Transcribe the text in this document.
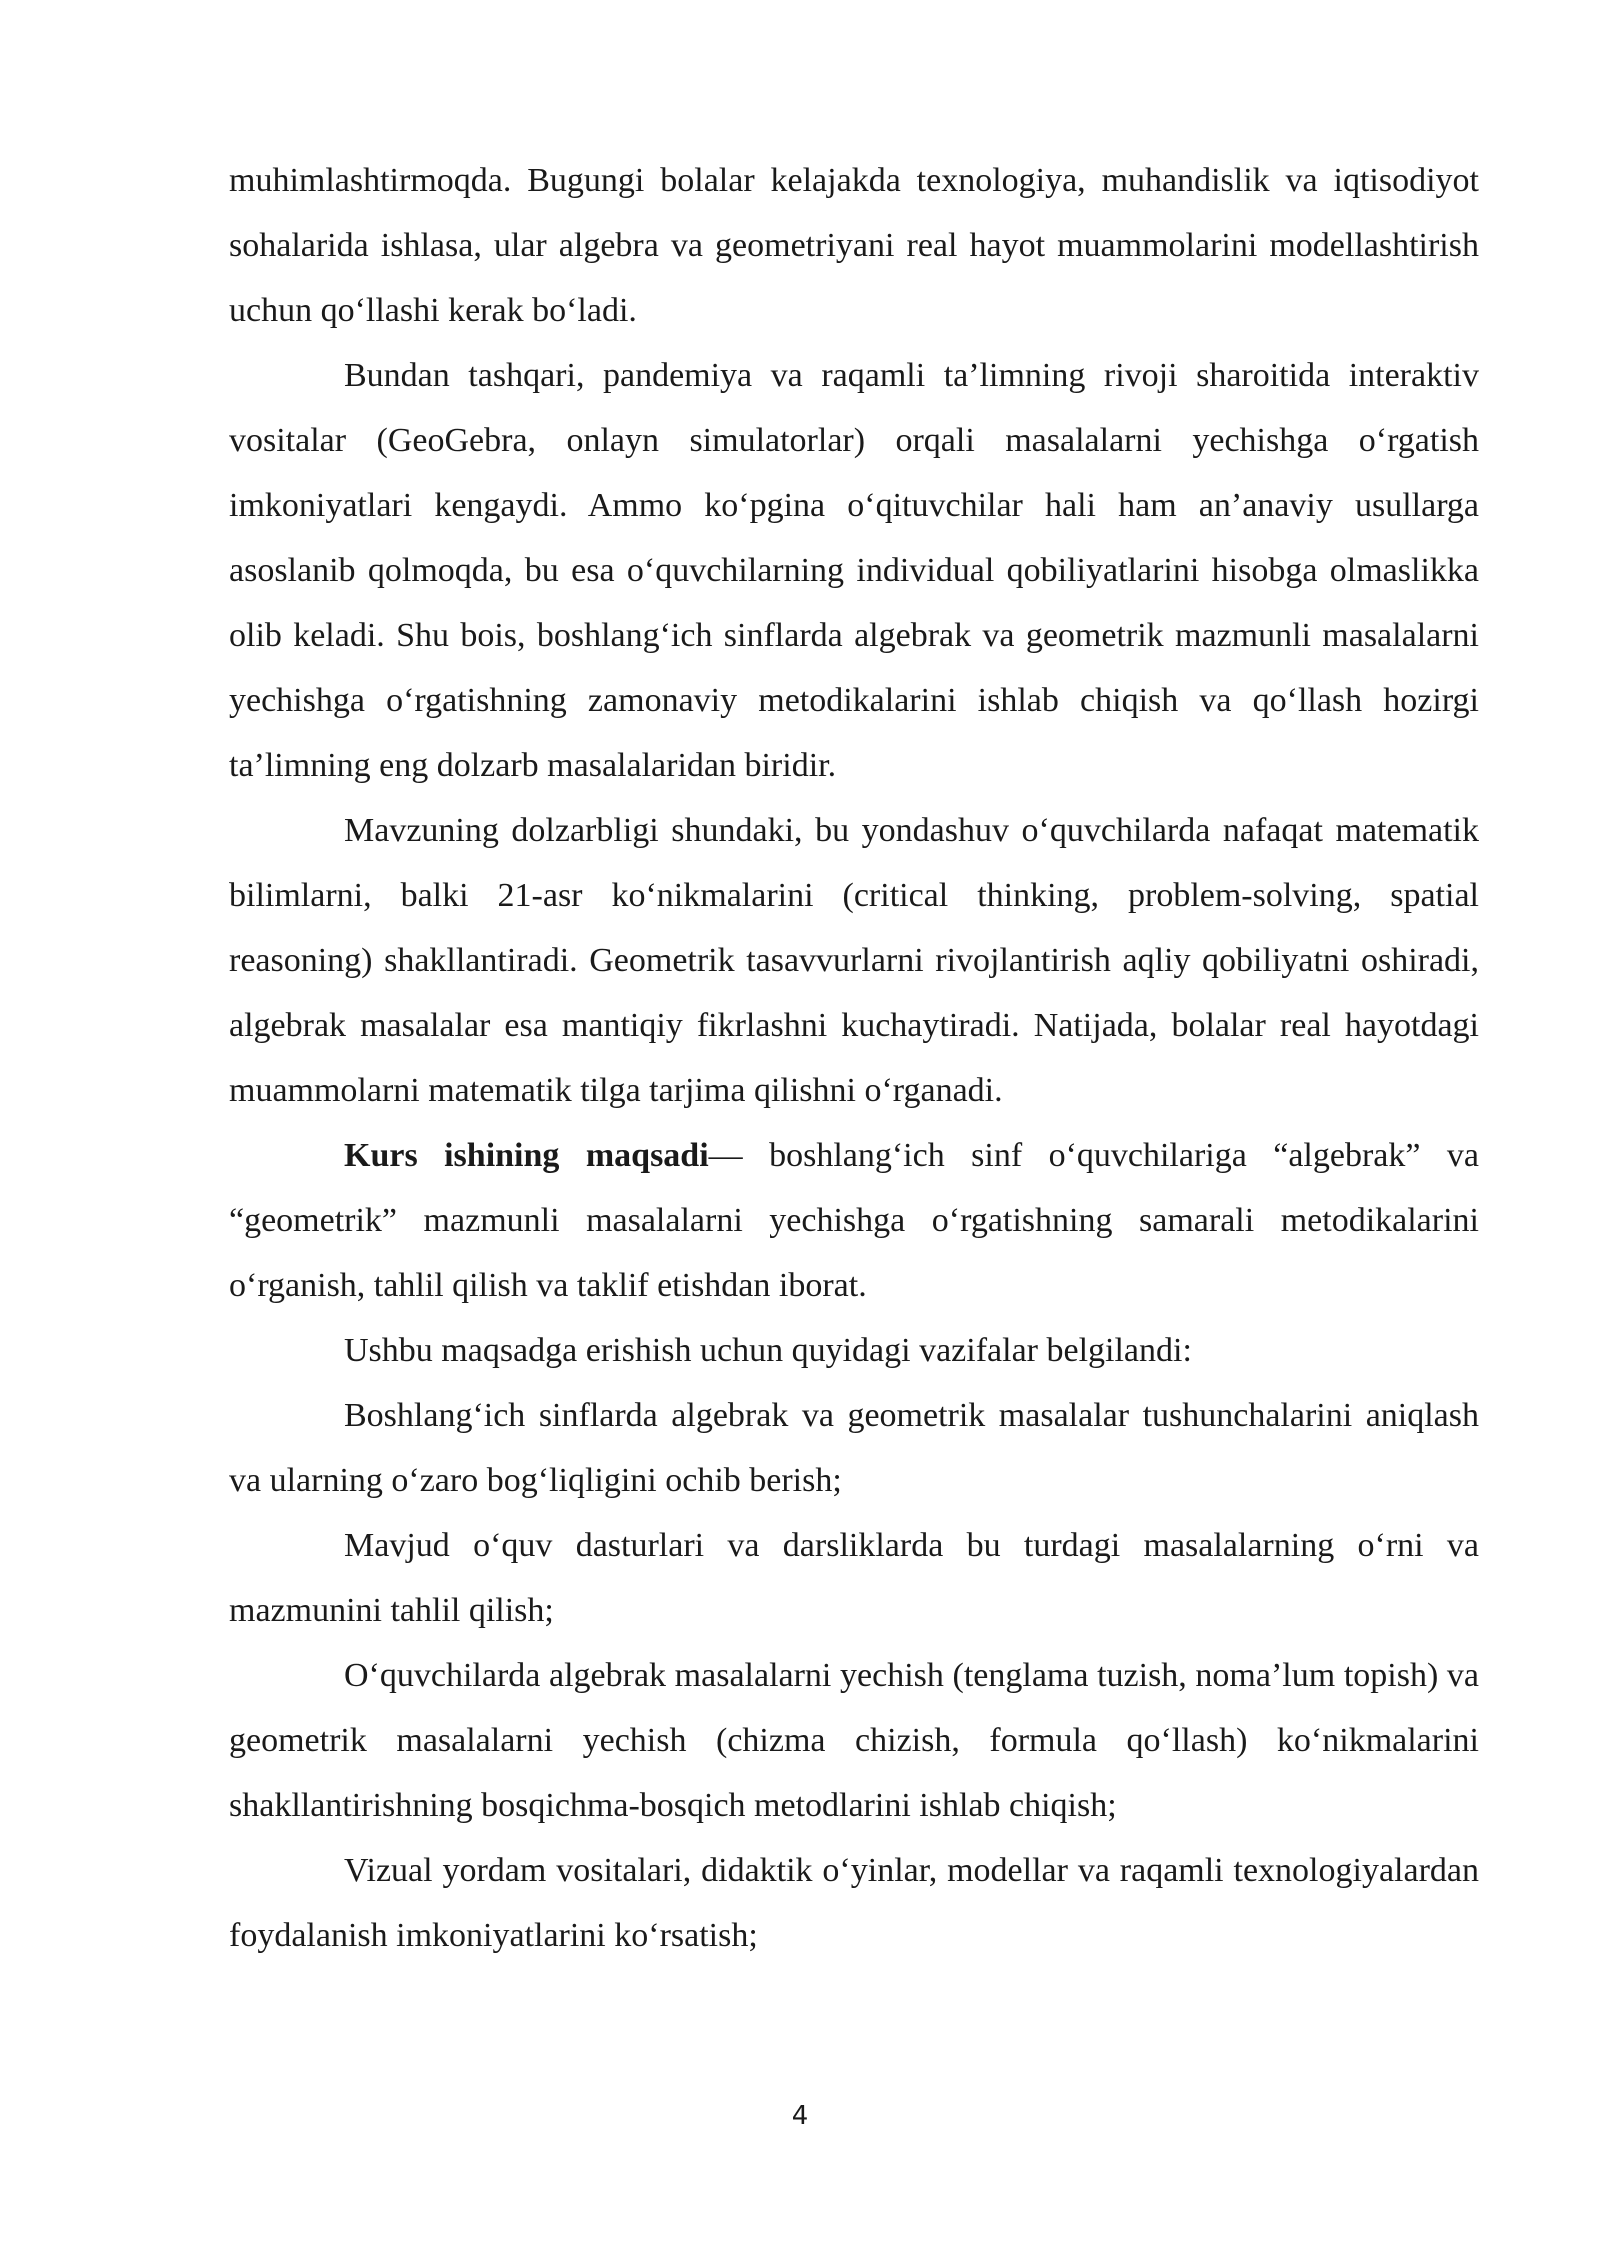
muhimlashtirmoqda. Bugungi bolalar kelajakda texnologiya, muhandislik va iqtisodiyot sohalarida ishlasa, ular algebra va geometriyani real hayot muammolarini modellashtirish uchun qo‘llashi kerak bo‘ladi.

Bundan tashqari, pandemiya va raqamli ta’limning rivoji sharoitida interaktiv vositalar (GeoGebra, onlayn simulatorlar) orqali masalalarni yechishga o‘rgatish imkoniyatlari kengaydi. Ammo ko‘pgina o‘qituvchilar hali ham an’anaviy usullarga asoslanib qolmoqda, bu esa o‘quvchilarning individual qobiliyatlarini hisobga olmaslikka olib keladi. Shu bois, boshlang‘ich sinflarda algebrak va geometrik mazmunli masalalarni yechishga o‘rgatishning zamonaviy metodikalarini ishlab chiqish va qo‘llash hozirgi ta’limning eng dolzarb masalalaridan biridir.

Mavzuning dolzarbligi shundaki, bu yondashuv o‘quvchilarda nafaqat matematik bilimlarni, balki 21-asr ko‘nikmalarini (critical thinking, problem-solving, spatial reasoning) shakllantiradi. Geometrik tasavvurlarni rivojlantirish aqliy qobiliyatni oshiradi, algebrak masalalar esa mantiqiy fikrlashni kuchaytiradi. Natijada, bolalar real hayotdagi muammolarni matematik tilga tarjima qilishni o‘rganadi.

Kurs ishining maqsadi— boshlang‘ich sinf o‘quvchilariga “algebrak” va “geometrik” mazmunli masalalarni yechishga o‘rgatishning samarali metodikalarini o‘rganish, tahlil qilish va taklif etishdan iborat.

Ushbu maqsadga erishish uchun quyidagi vazifalar belgilandi:

Boshlang‘ich sinflarda algebrak va geometrik masalalar tushunchalarini aniqlash va ularning o‘zaro bog‘liqligini ochib berish;

Mavjud o‘quv dasturlari va darsliklarda bu turdagi masalalarning o‘rni va mazmunini tahlil qilish;

O‘quvchilarda algebrak masalalarni yechish (tenglama tuzish, noma’lum topish) va geometrik masalalarni yechish (chizma chizish, formula qo‘llash) ko‘nikmalarini shakllantirishning bosqichma-bosqich metodlarini ishlab chiqish;

Vizual yordam vositalari, didaktik o‘yinlar, modellar va raqamli texnologiyalardan foydalanish imkoniyatlarini ko‘rsatish;

4
